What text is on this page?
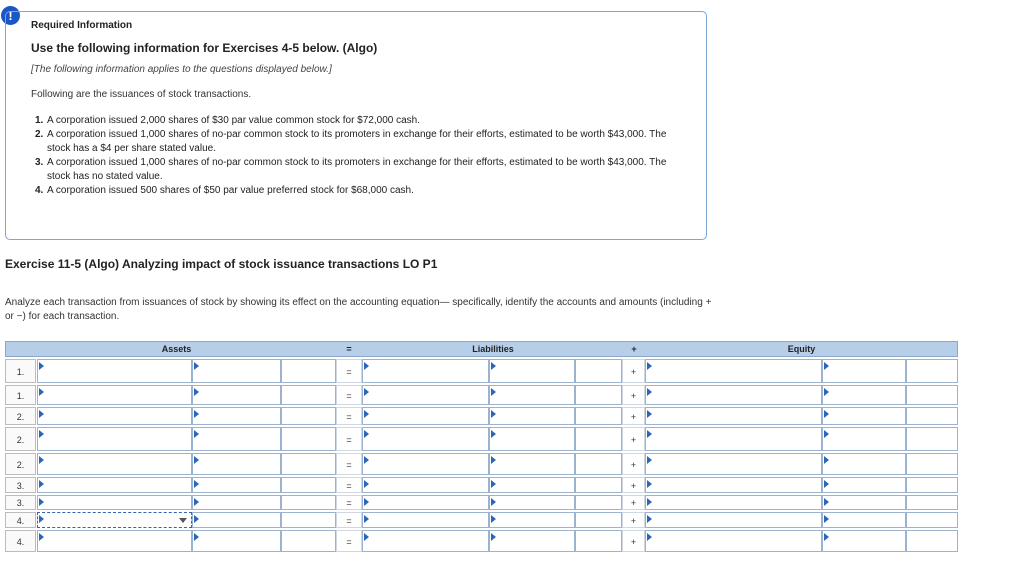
!
Required Information
Use the following information for Exercises 4-5 below. (Algo)
[The following information applies to the questions displayed below.]
Following are the issuances of stock transactions.
1. A corporation issued 2,000 shares of $30 par value common stock for $72,000 cash.
2. A corporation issued 1,000 shares of no-par common stock to its promoters in exchange for their efforts, estimated to be worth $43,000. The stock has a $4 per share stated value.
3. A corporation issued 1,000 shares of no-par common stock to its promoters in exchange for their efforts, estimated to be worth $43,000. The stock has no stated value.
4. A corporation issued 500 shares of $50 par value preferred stock for $68,000 cash.
Exercise 11-5 (Algo) Analyzing impact of stock issuance transactions LO P1
Analyze each transaction from issuances of stock by showing its effect on the accounting equation— specifically, identify the accounts and amounts (including + or −) for each transaction.
Assets	=	Liabilities	+	Equity
1.	=	+
1.	=	+
2.	=	+
2.	=	+
2.	=	+
3.	=	+
3.	=	+
4.	=	+
4.	=	+
